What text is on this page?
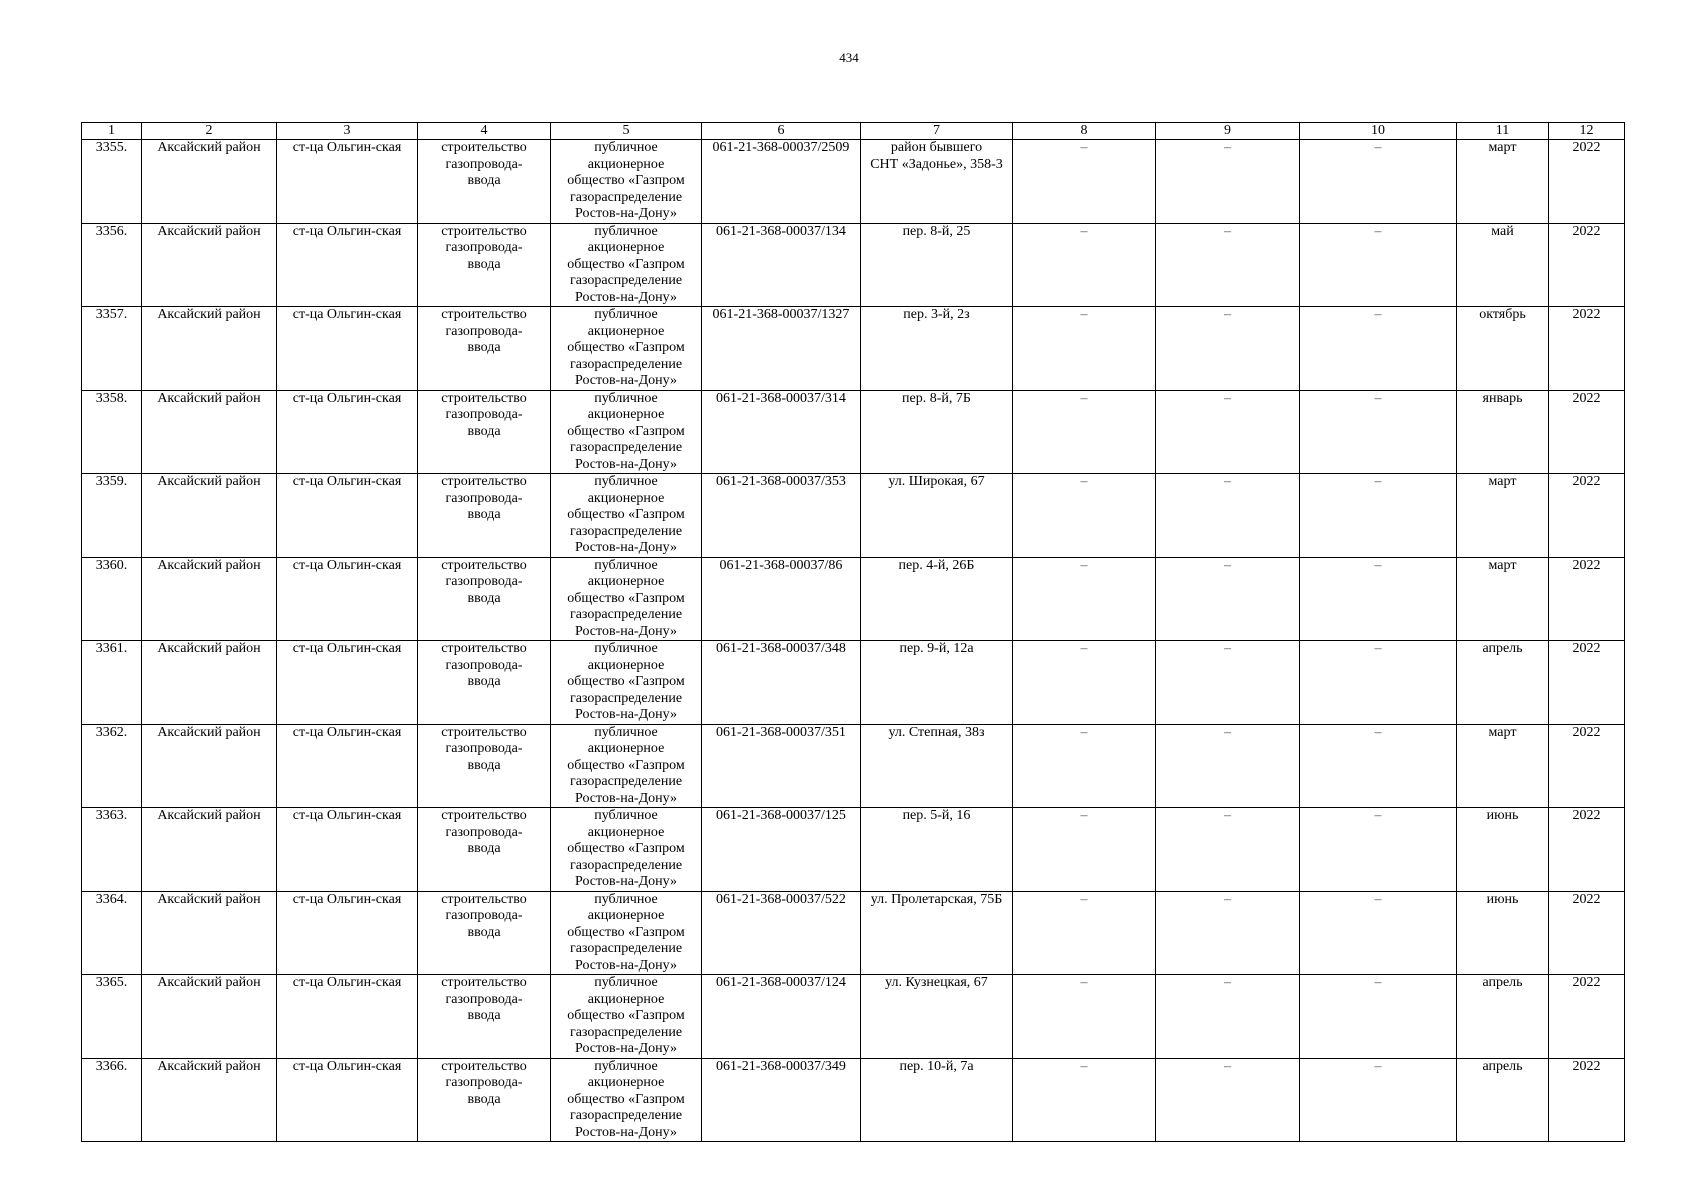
434
1	2	3	4	5	6	7	8	9	10	11	12
3355.	Аксайский район	ст-ца Ольгин-ская	строительство
газопровода-
ввода	публичное
акционерное
общество «Газпром
газораспределение
Ростов-на-Дону»	061-21-368-00037/2509	район бывшего
СНТ «Задонье», 358-3	–	–	–	март	2022
3356.	Аксайский район	ст-ца Ольгин-ская	строительство
газопровода-
ввода	публичное
акционерное
общество «Газпром
газораспределение
Ростов-на-Дону»	061-21-368-00037/134	пер. 8-й, 25	–	–	–	май	2022
3357.	Аксайский район	ст-ца Ольгин-ская	строительство
газопровода-
ввода	публичное
акционерное
общество «Газпром
газораспределение
Ростов-на-Дону»	061-21-368-00037/1327	пер. 3-й, 2з	–	–	–	октябрь	2022
3358.	Аксайский район	ст-ца Ольгин-ская	строительство
газопровода-
ввода	публичное
акционерное
общество «Газпром
газораспределение
Ростов-на-Дону»	061-21-368-00037/314	пер. 8-й, 7Б	–	–	–	январь	2022
3359.	Аксайский район	ст-ца Ольгин-ская	строительство
газопровода-
ввода	публичное
акционерное
общество «Газпром
газораспределение
Ростов-на-Дону»	061-21-368-00037/353	ул. Широкая, 67	–	–	–	март	2022
3360.	Аксайский район	ст-ца Ольгин-ская	строительство
газопровода-
ввода	публичное
акционерное
общество «Газпром
газораспределение
Ростов-на-Дону»	061-21-368-00037/86	пер. 4-й, 26Б	–	–	–	март	2022
3361.	Аксайский район	ст-ца Ольгин-ская	строительство
газопровода-
ввода	публичное
акционерное
общество «Газпром
газораспределение
Ростов-на-Дону»	061-21-368-00037/348	пер. 9-й, 12а	–	–	–	апрель	2022
3362.	Аксайский район	ст-ца Ольгин-ская	строительство
газопровода-
ввода	публичное
акционерное
общество «Газпром
газораспределение
Ростов-на-Дону»	061-21-368-00037/351	ул. Степная, 38з	–	–	–	март	2022
3363.	Аксайский район	ст-ца Ольгин-ская	строительство
газопровода-
ввода	публичное
акционерное
общество «Газпром
газораспределение
Ростов-на-Дону»	061-21-368-00037/125	пер. 5-й, 16	–	–	–	июнь	2022
3364.	Аксайский район	ст-ца Ольгин-ская	строительство
газопровода-
ввода	публичное
акционерное
общество «Газпром
газораспределение
Ростов-на-Дону»	061-21-368-00037/522	ул. Пролетарская, 75Б	–	–	–	июнь	2022
3365.	Аксайский район	ст-ца Ольгин-ская	строительство
газопровода-
ввода	публичное
акционерное
общество «Газпром
газораспределение
Ростов-на-Дону»	061-21-368-00037/124	ул. Кузнецкая, 67	–	–	–	апрель	2022
3366.	Аксайский район	ст-ца Ольгин-ская	строительство
газопровода-
ввода	публичное
акционерное
общество «Газпром
газораспределение
Ростов-на-Дону»	061-21-368-00037/349	пер. 10-й, 7а	–	–	–	апрель	2022
